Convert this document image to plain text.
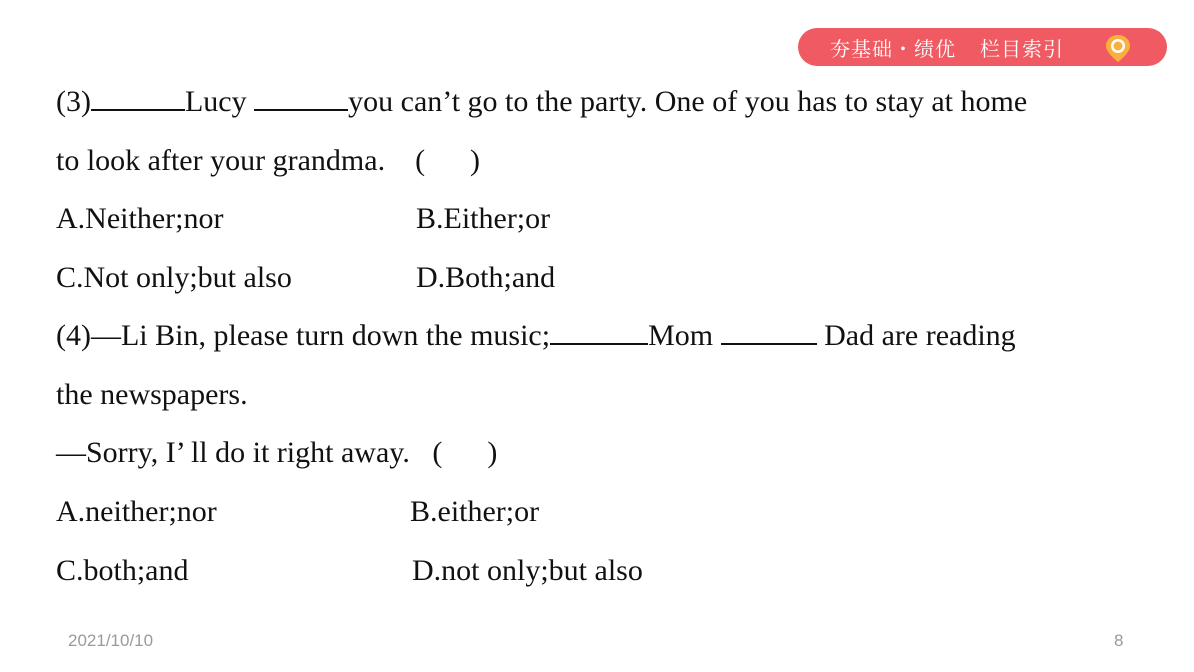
夯基础・绩优 栏目索引
(3)	Lucy	you can’t go to the party. One of you has to stay at home
to look after your grandma. (      )
A.Neither;nor	B.Either;or
C.Not only;but also	D.Both;and
(4)—Li Bin, please turn down the music;	Mom	Dad are reading
the newspapers.
—Sorry, I’ ll do it right away. (      )
A.neither;nor	B.either;or
C.both;and	D.not only;but also
2021/10/10	8
